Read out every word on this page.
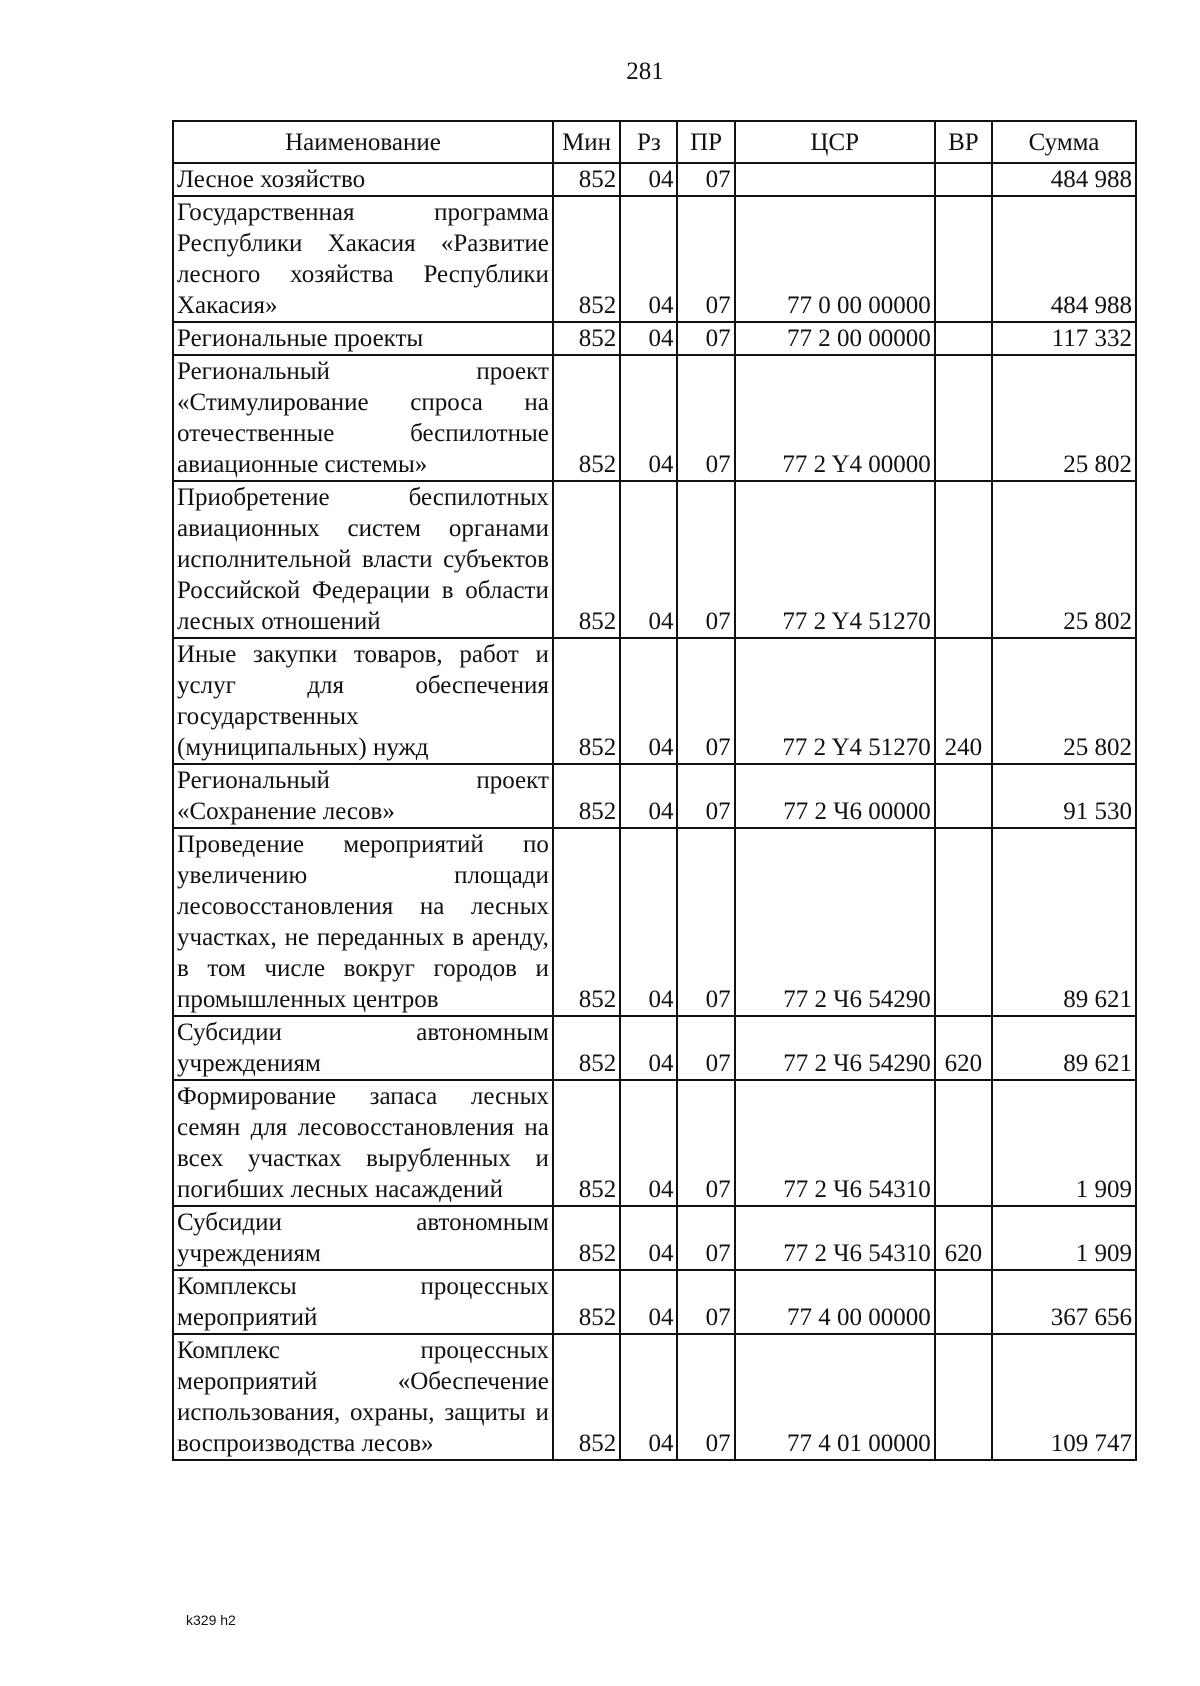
281
Наименование	Мин	Рз	ПР	ЦСР	ВР	Сумма
Лесное хозяйство	852	04	07			484 988
Государственная программа Республики Хакасия «Развитие лесного хозяйства Республики Хакасия»	852	04	07	77 0 00 00000		484 988
Региональные проекты	852	04	07	77 2 00 00000		117 332
Региональный проект «Стимулирование спроса на отечественные беспилотные авиационные системы»	852	04	07	77 2 Y4 00000		25 802
Приобретение беспилотных авиационных систем органами исполнительной власти субъектов Российской Федерации в области лесных отношений	852	04	07	77 2 Y4 51270		25 802
Иные закупки товаров, работ и услуг для обеспечения государственных (муниципальных) нужд	852	04	07	77 2 Y4 51270	240	25 802
Региональный проект «Сохранение лесов»	852	04	07	77 2 Ч6 00000		91 530
Проведение мероприятий по увеличению площади лесовосстановления на лесных участках, не переданных в аренду, в том числе вокруг городов и промышленных центров	852	04	07	77 2 Ч6 54290		89 621
Субсидии автономным учреждениям	852	04	07	77 2 Ч6 54290	620	89 621
Формирование запаса лесных семян для лесовосстановления на всех участках вырубленных и погибших лесных насаждений	852	04	07	77 2 Ч6 54310		1 909
Субсидии автономным учреждениям	852	04	07	77 2 Ч6 54310	620	1 909
Комплексы процессных мероприятий	852	04	07	77 4 00 00000		367 656
Комплекс процессных мероприятий «Обеспечение использования, охраны, защиты и воспроизводства лесов»	852	04	07	77 4 01 00000		109 747
k329 h2
